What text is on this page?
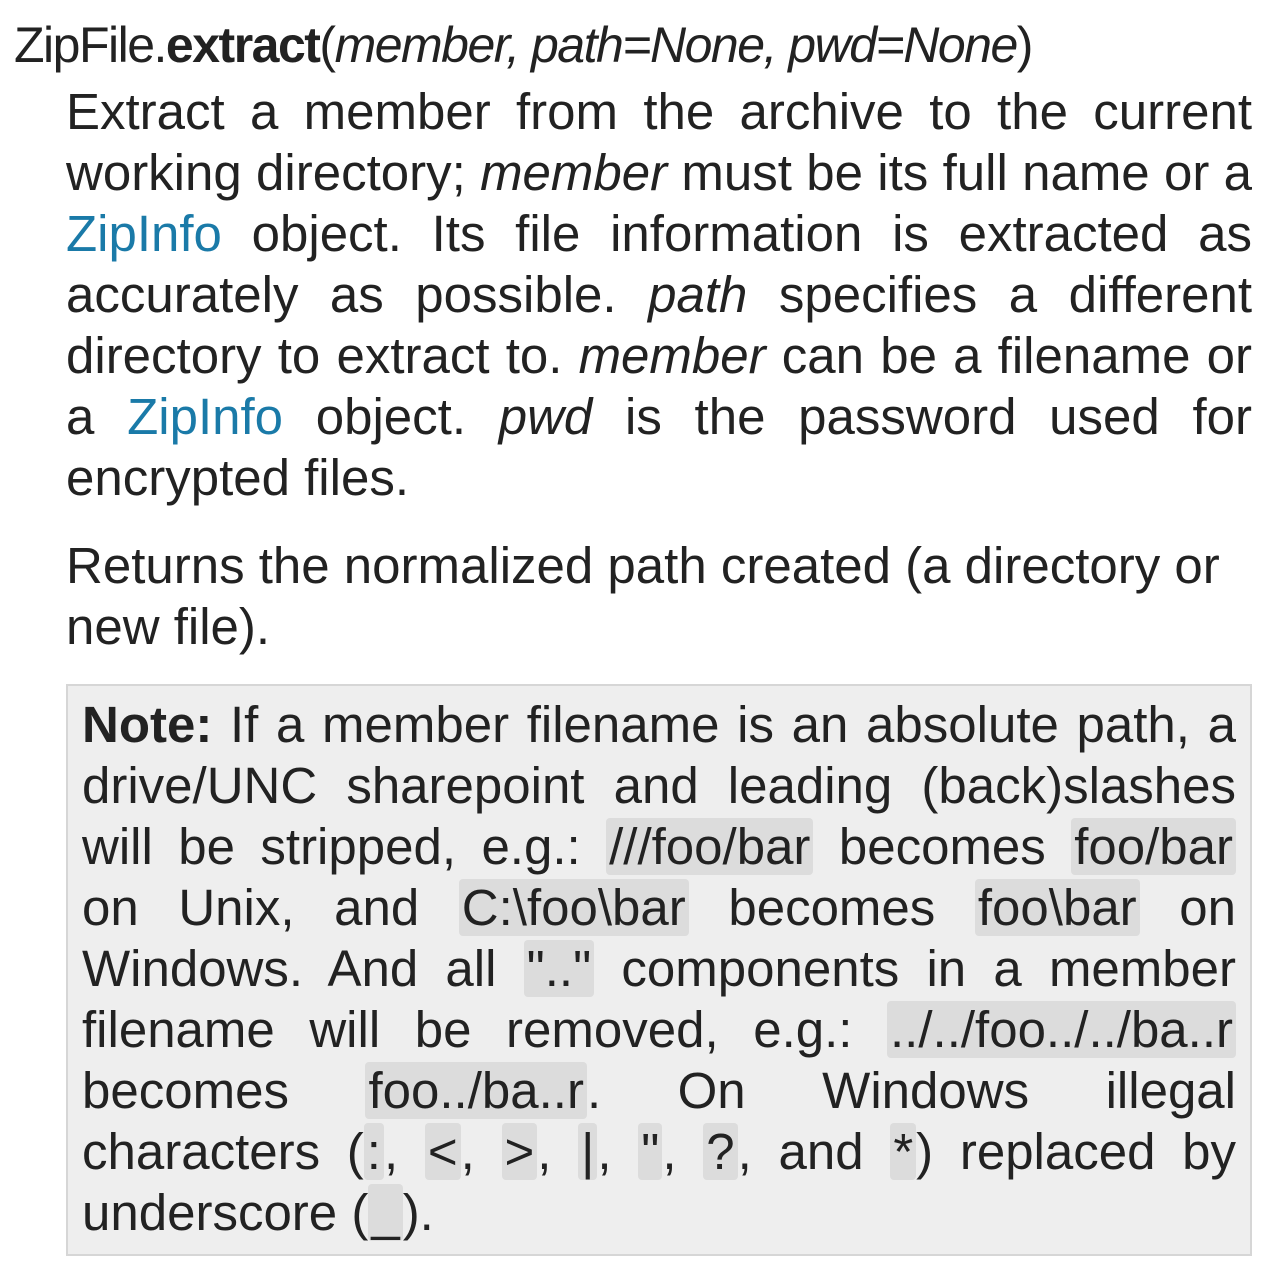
ZipFile.extract(member, path=None, pwd=None)
Extract a member from the archive to the current working directory; member must be its full name or a ZipInfo object. Its file information is extracted as accurately as possible. path specifies a different directory to extract to. member can be a filename or a ZipInfo object. pwd is the password used for encrypted files.
Returns the normalized path created (a directory or new file).
Note: If a member filename is an absolute path, a drive/UNC sharepoint and leading (back)slashes will be stripped, e.g.: ///foo/bar becomes foo/bar on Unix, and C:\foo\bar becomes foo\bar on Windows. And all ".." components in a member filename will be removed, e.g.: ../../foo../../ba..r becomes foo../ba..r. On Windows illegal characters (:, <, >, |, ", ?, and *) replaced by underscore (_).
